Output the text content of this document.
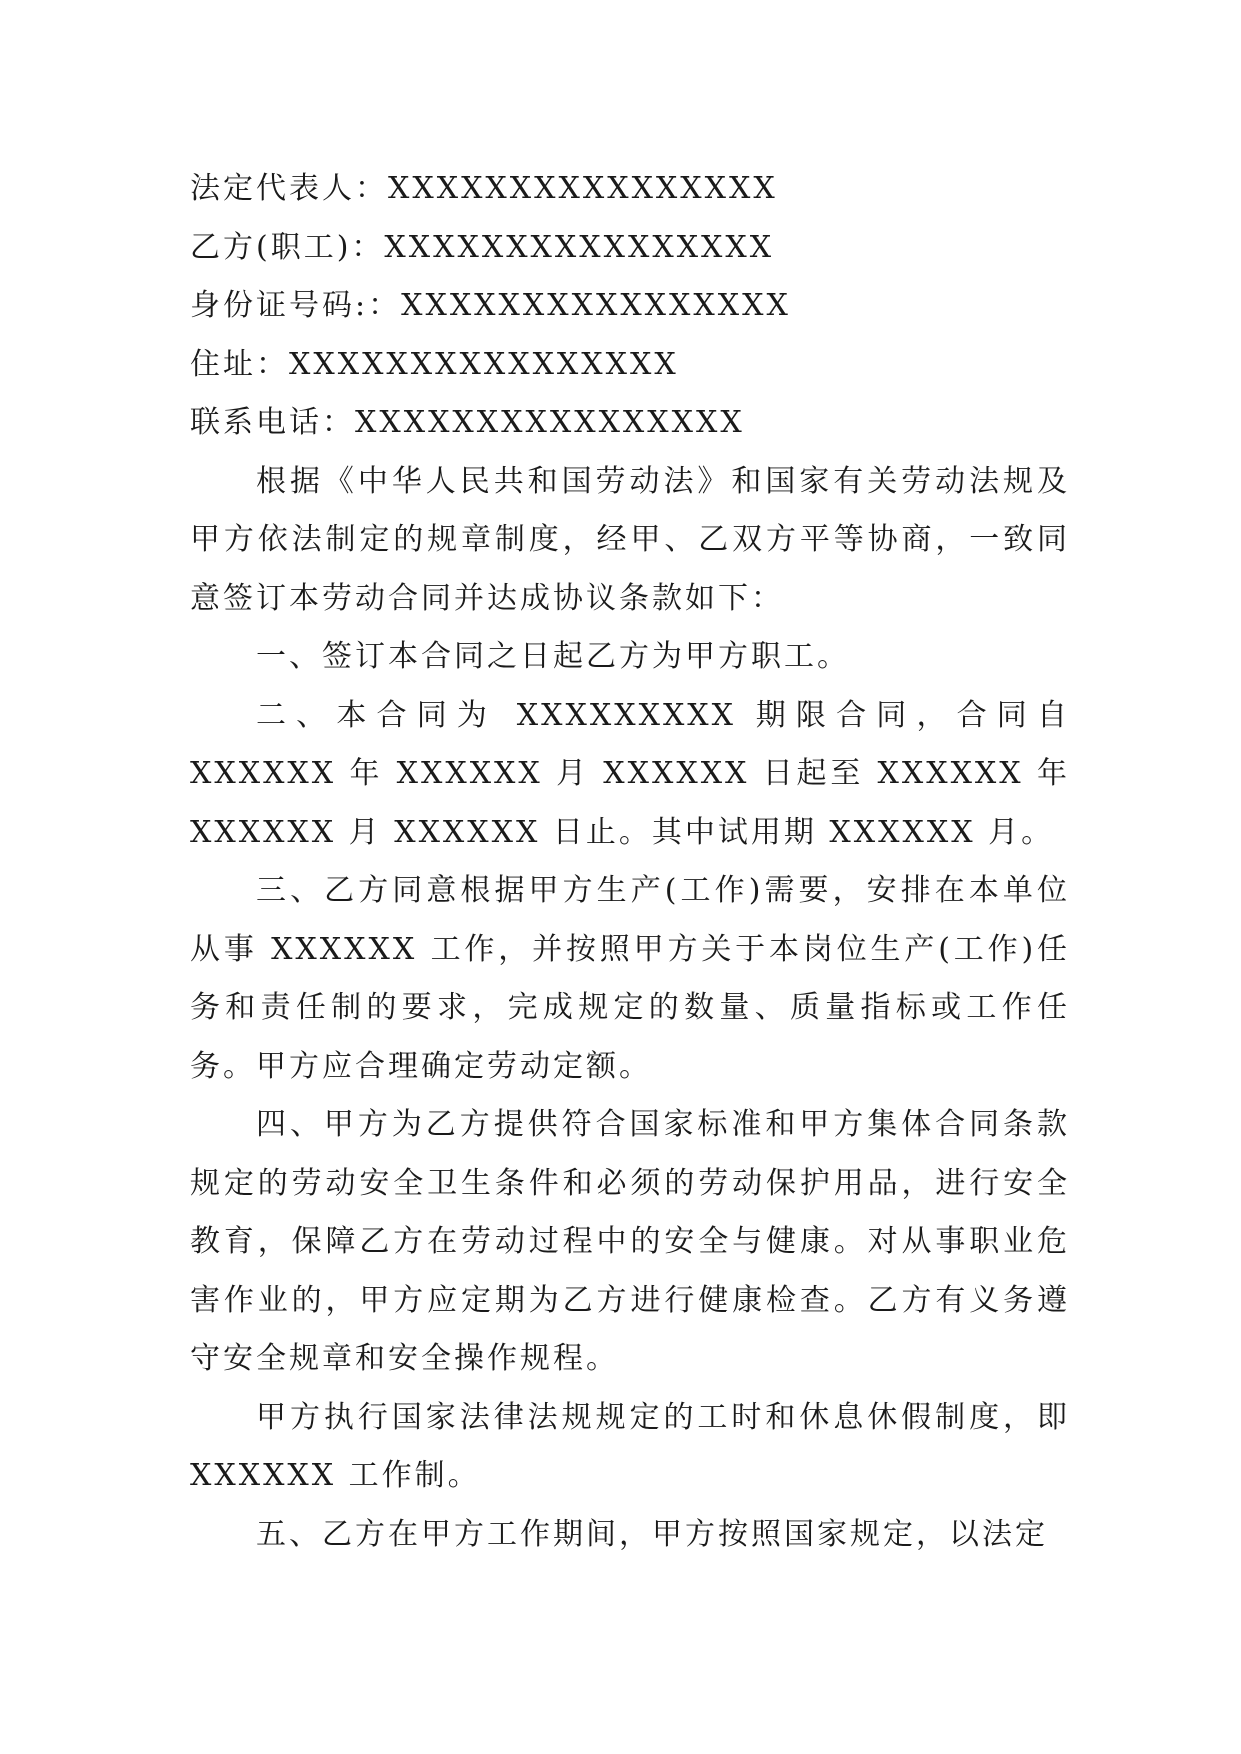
法定代表人：XXXXXXXXXXXXXXXX

乙方(职工)：XXXXXXXXXXXXXXXX

身份证号码:：XXXXXXXXXXXXXXXX

住址：XXXXXXXXXXXXXXXX

联系电话：XXXXXXXXXXXXXXXX

根据《中华人民共和国劳动法》和国家有关劳动法规及甲方依法制定的规章制度，经甲、乙双方平等协商，一致同意签订本劳动合同并达成协议条款如下：

一、签订本合同之日起乙方为甲方职工。

二、本合同为 XXXXXXXXX 期限合同，合同自 XXXXXX 年 XXXXXX 月 XXXXXX 日起至 XXXXXX 年 XXXXXX 月 XXXXXX 日止。其中试用期 XXXXXX 月。

三、乙方同意根据甲方生产(工作)需要，安排在本单位从事 XXXXXX 工作，并按照甲方关于本岗位生产(工作)任务和责任制的要求，完成规定的数量、质量指标或工作任务。甲方应合理确定劳动定额。

四、甲方为乙方提供符合国家标准和甲方集体合同条款规定的劳动安全卫生条件和必须的劳动保护用品，进行安全教育，保障乙方在劳动过程中的安全与健康。对从事职业危害作业的，甲方应定期为乙方进行健康检查。乙方有义务遵守安全规章和安全操作规程。

甲方执行国家法律法规规定的工时和休息休假制度，即 XXXXXX 工作制。

五、乙方在甲方工作期间，甲方按照国家规定，以法定
